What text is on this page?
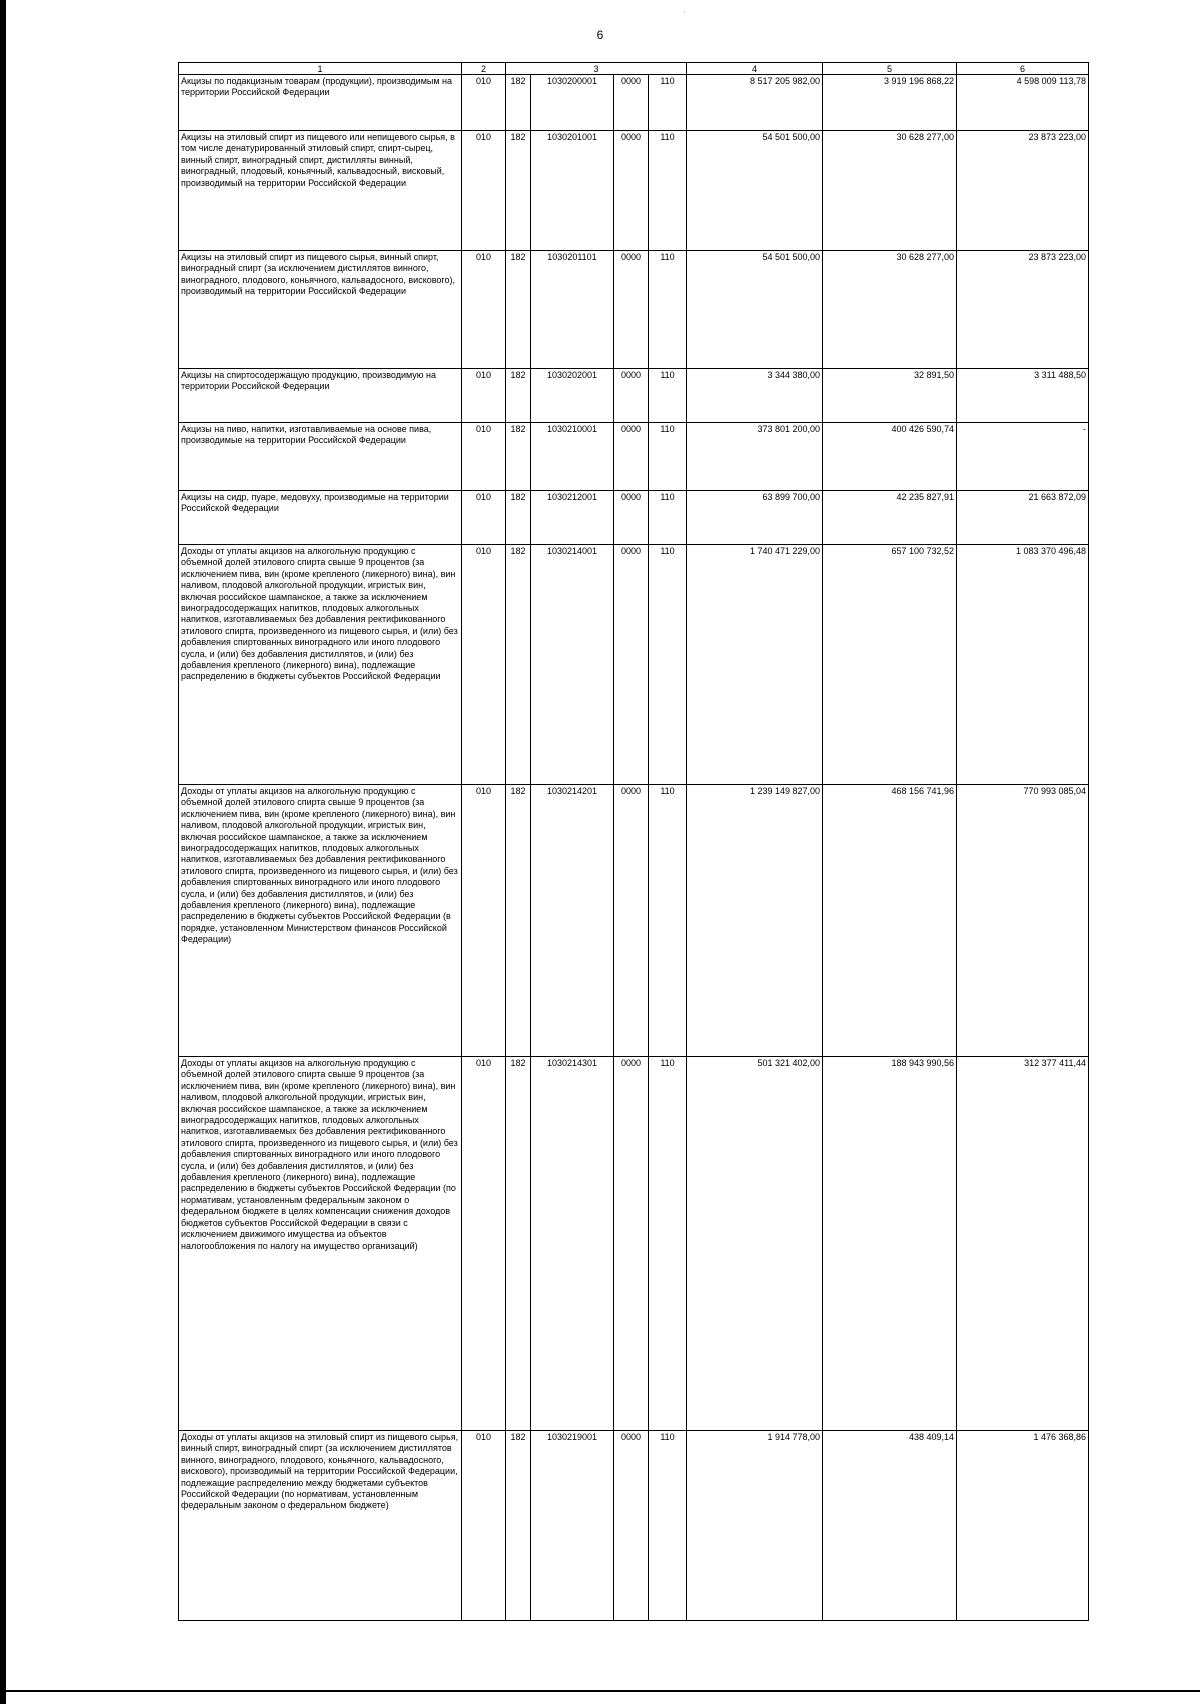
·
6
1	2	3				4	5	6
Акцизы по подакцизным товарам (продукции), производимым на территории Российской Федерации	010	182	1030200001	0000	110	8 517 205 982,00	3 919 196 868,22	4 598 009 113,78
Акцизы на этиловый спирт из пищевого или непищевого сырья, в том числе денатурированный этиловый спирт, спирт-сырец, винный спирт, виноградный спирт, дистилляты винный, виноградный, плодовый, коньячный, кальвадосный, висковый, производимый на территории Российской Федерации	010	182	1030201001	0000	110	54 501 500,00	30 628 277,00	23 873 223,00
Акцизы на этиловый спирт из пищевого сырья, винный спирт, виноградный спирт (за исключением дистиллятов винного, виноградного, плодового, коньячного, кальвадосного, вискового), производимый на территории Российской Федерации	010	182	1030201101	0000	110	54 501 500,00	30 628 277,00	23 873 223,00
Акцизы на спиртосодержащую продукцию, производимую на территории Российской Федерации	010	182	1030202001	0000	110	3 344 380,00	32 891,50	3 311 488,50
Акцизы на пиво, напитки, изготавливаемые на основе пива, производимые на территории Российской Федерации	010	182	1030210001	0000	110	373 801 200,00	400 426 590,74	-
Акцизы на сидр, пуаре, медовуху, производимые на территории Российской Федерации	010	182	1030212001	0000	110	63 899 700,00	42 235 827,91	21 663 872,09
Доходы от уплаты акцизов на алкогольную продукцию с объемной долей этилового спирта свыше 9 процентов (за исключением пива, вин (кроме крепленого (ликерного) вина), вин наливом, плодовой алкогольной продукции, игристых вин, включая российское шампанское, а также за исключением виноградосодержащих напитков, плодовых алкогольных напитков, изготавливаемых без добавления ректификованного этилового спирта, произведенного из пищевого сырья, и (или) без добавления спиртованных виноградного или иного плодового сусла, и (или) без добавления дистиллятов, и (или) без добавления крепленого (ликерного) вина), подлежащие распределению в бюджеты субъектов Российской Федерации	010	182	1030214001	0000	110	1 740 471 229,00	657 100 732,52	1 083 370 496,48
Доходы от уплаты акцизов на алкогольную продукцию с объемной долей этилового спирта свыше 9 процентов (за исключением пива, вин (кроме крепленого (ликерного) вина), вин наливом, плодовой алкогольной продукции, игристых вин, включая российское шампанское, а также за исключением виноградосодержащих напитков, плодовых алкогольных напитков, изготавливаемых без добавления ректификованного этилового спирта, произведенного из пищевого сырья, и (или) без добавления спиртованных виноградного или иного плодового сусла, и (или) без добавления дистиллятов, и (или) без добавления крепленого (ликерного) вина), подлежащие распределению в бюджеты субъектов Российской Федерации (в порядке, установленном Министерством финансов Российской Федерации)	010	182	1030214201	0000	110	1 239 149 827,00	468 156 741,96	770 993 085,04
Доходы от уплаты акцизов на алкогольную продукцию с объемной долей этилового спирта свыше 9 процентов (за исключением пива, вин (кроме крепленого (ликерного) вина), вин наливом, плодовой алкогольной продукции, игристых вин, включая российское шампанское, а также за исключением виноградосодержащих напитков, плодовых алкогольных напитков, изготавливаемых без добавления ректификованного этилового спирта, произведенного из пищевого сырья, и (или) без добавления спиртованных виноградного или иного плодового сусла, и (или) без добавления дистиллятов, и (или) без добавления крепленого (ликерного) вина), подлежащие распределению в бюджеты субъектов Российской Федерации (по нормативам, установленным федеральным законом о федеральном бюджете в целях компенсации снижения доходов бюджетов субъектов Российской Федерации в связи с исключением движимого имущества из объектов налогообложения по налогу на имущество организаций)	010	182	1030214301	0000	110	501 321 402,00	188 943 990,56	312 377 411,44
Доходы от уплаты акцизов на этиловый спирт из пищевого сырья, винный спирт, виноградный спирт (за исключением дистиллятов винного, виноградного, плодового, коньячного, кальвадосного, вискового), производимый на территории Российской Федерации, подлежащие распределению между бюджетами субъектов Российской Федерации (по нормативам, установленным федеральным законом о федеральном бюджете)	010	182	1030219001	0000	110	1 914 778,00	438 409,14	1 476 368,86
